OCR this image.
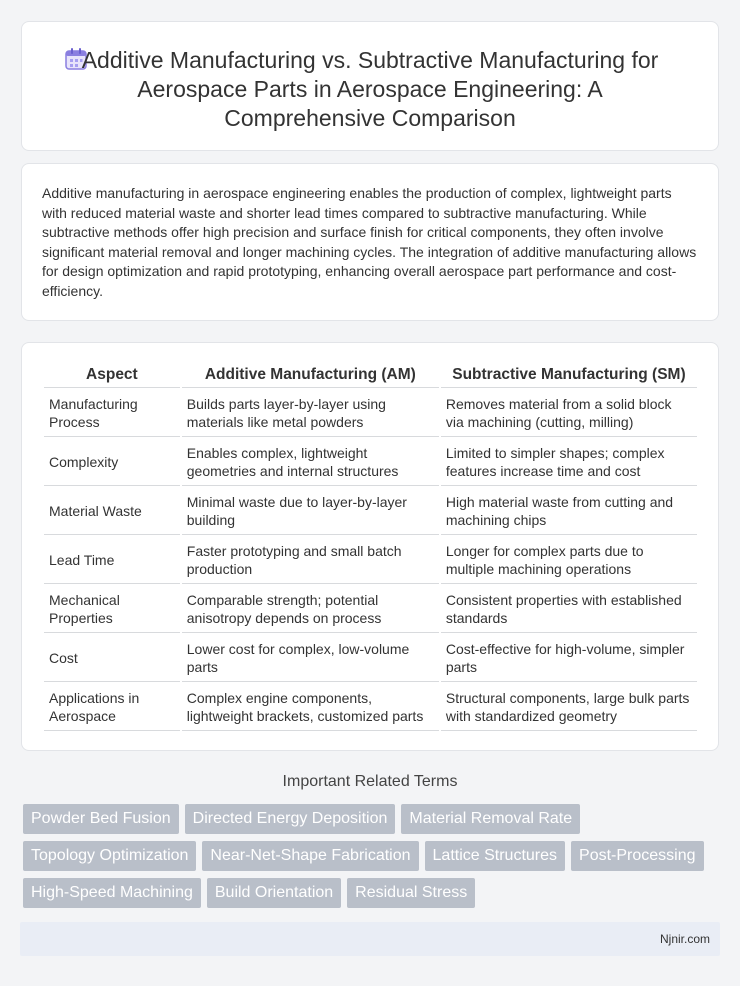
Additive Manufacturing vs. Subtractive Manufacturing for Aerospace Parts in Aerospace Engineering: A Comprehensive Comparison

Additive manufacturing in aerospace engineering enables the production of complex, lightweight parts with reduced material waste and shorter lead times compared to subtractive manufacturing. While subtractive methods offer high precision and surface finish for critical components, they often involve significant material removal and longer machining cycles. The integration of additive manufacturing allows for design optimization and rapid prototyping, enhancing overall aerospace part performance and cost-efficiency.

Aspect	Additive Manufacturing (AM)	Subtractive Manufacturing (SM)
Manufacturing Process	Builds parts layer-by-layer using materials like metal powders	Removes material from a solid block via machining (cutting, milling)
Complexity	Enables complex, lightweight geometries and internal structures	Limited to simpler shapes; complex features increase time and cost
Material Waste	Minimal waste due to layer-by-layer building	High material waste from cutting and machining chips
Lead Time	Faster prototyping and small batch production	Longer for complex parts due to multiple machining operations
Mechanical Properties	Comparable strength; potential anisotropy depends on process	Consistent properties with established standards
Cost	Lower cost for complex, low-volume parts	Cost-effective for high-volume, simpler parts
Applications in Aerospace	Complex engine components, lightweight brackets, customized parts	Structural components, large bulk parts with standardized geometry
Important Related Terms
Powder Bed Fusion	Directed Energy Deposition	Material Removal Rate
Topology Optimization	Near-Net-Shape Fabrication	Lattice Structures	Post-Processing
High-Speed Machining	Build Orientation	Residual Stress
Njnir.com
